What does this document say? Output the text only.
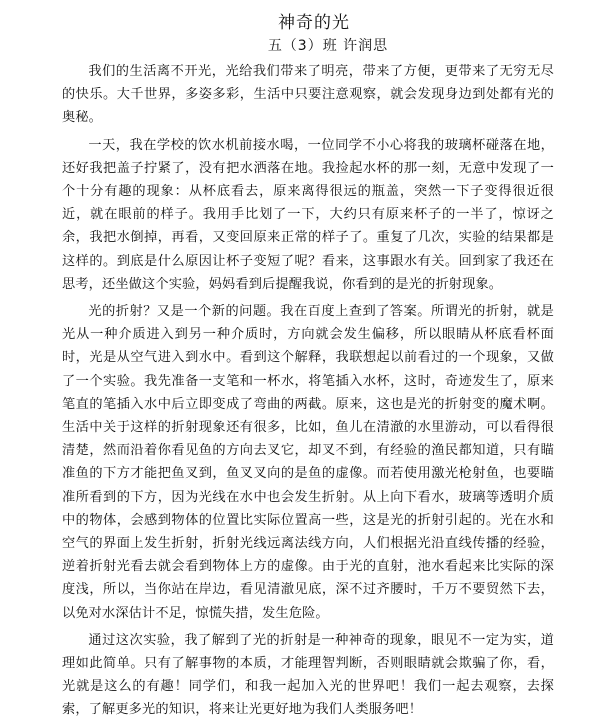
神奇的光
五（3）班 许润思

我们的生活离不开光，光给我们带来了明亮，带来了方便，更带来了无穷无尽的快乐。大千世界，多姿多彩，生活中只要注意观察，就会发现身边到处都有光的奥秘。

一天，我在学校的饮水机前接水喝，一位同学不小心将我的玻璃杯碰落在地，还好我把盖子拧紧了，没有把水洒落在地。我捡起水杯的那一刻，无意中发现了一个十分有趣的现象：从杯底看去，原来离得很远的瓶盖，突然一下子变得很近很近，就在眼前的样子。我用手比划了一下，大约只有原来杯子的一半了，惊讶之余，我把水倒掉，再看，又变回原来正常的样子了。重复了几次，实验的结果都是这样的。到底是什么原因让杯子变短了呢？看来，这事跟水有关。回到家了我还在思考，还坐做这个实验，妈妈看到后提醒我说，你看到的是光的折射现象。

光的折射？又是一个新的问题。我在百度上查到了答案。所谓光的折射，就是光从一种介质进入到另一种介质时，方向就会发生偏移，所以眼睛从杯底看杯面时，光是从空气进入到水中。看到这个解释，我联想起以前看过的一个现象，又做了一个实验。我先准备一支笔和一杯水，将笔插入水杯，这时，奇迹发生了，原来笔直的笔插入水中后立即变成了弯曲的两截。原来，这也是光的折射变的魔术啊。生活中关于这样的折射现象还有很多，比如，鱼儿在清澈的水里游动，可以看得很清楚，然而沿着你看见鱼的方向去叉它，却叉不到，有经验的渔民都知道，只有瞄准鱼的下方才能把鱼叉到，鱼叉叉向的是鱼的虚像。而若使用激光枪射鱼，也要瞄准所看到的下方，因为光线在水中也会发生折射。从上向下看水，玻璃等透明介质中的物体，会感到物体的位置比实际位置高一些，这是光的折射引起的。光在水和空气的界面上发生折射，折射光线远离法线方向，人们根据光沿直线传播的经验，逆着折射光看去就会看到物体上方的虚像。由于光的直射，池水看起来比实际的深度浅，所以，当你站在岸边，看见清澈见底，深不过齐腰时，千万不要贸然下去，以免对水深估计不足，惊慌失措，发生危险。

通过这次实验，我了解到了光的折射是一种神奇的现象，眼见不一定为实，道理如此简单。只有了解事物的本质，才能理智判断，否则眼睛就会欺骗了你，看，光就是这么的有趣！同学们，和我一起加入光的世界吧！我们一起去观察，去探索，了解更多光的知识，将来让光更好地为我们人类服务吧！
